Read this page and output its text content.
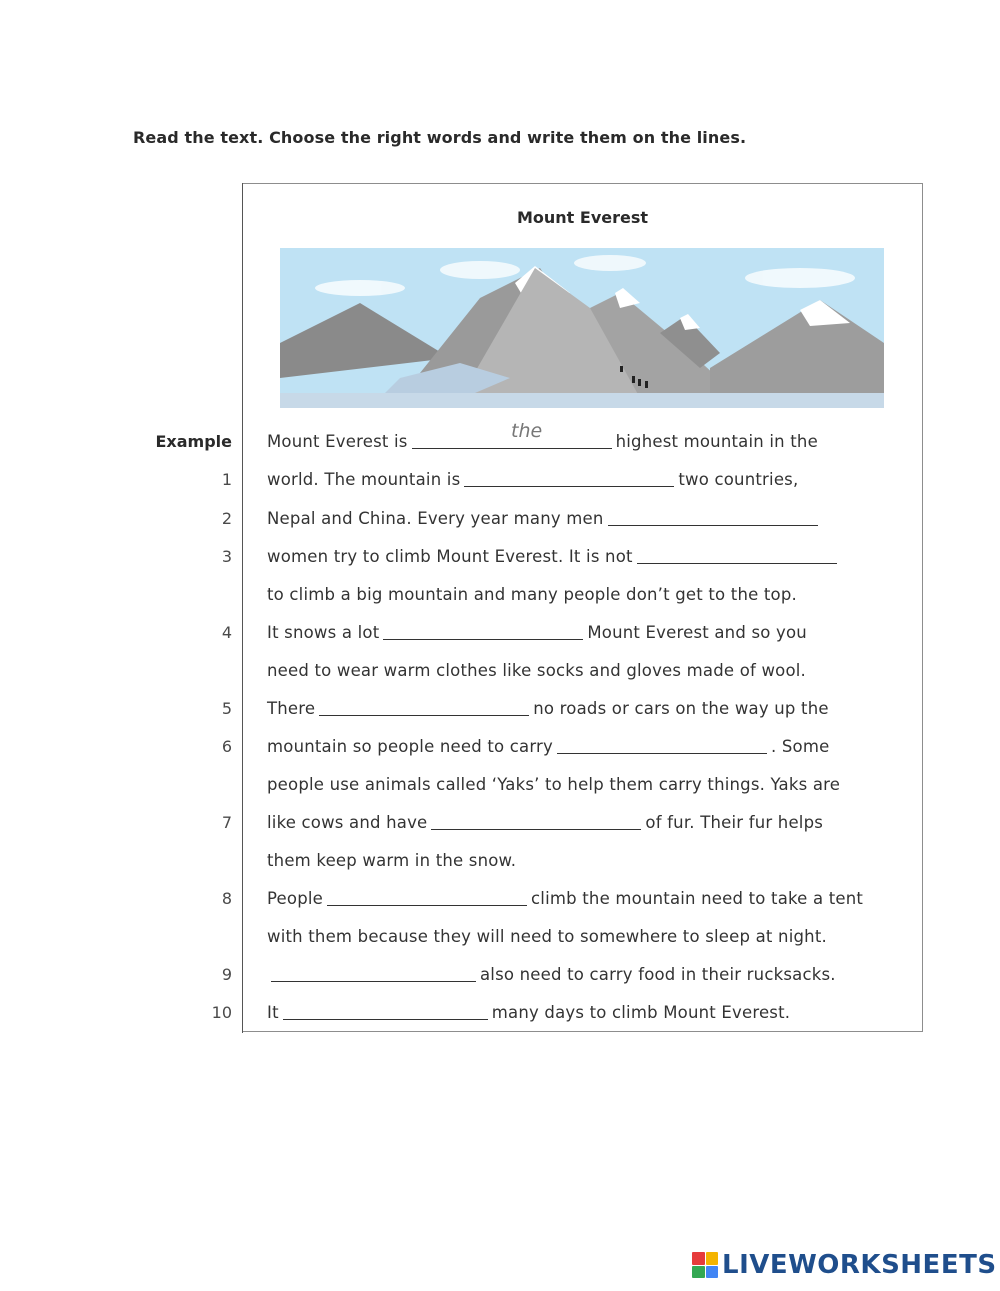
Read the text. Choose the right words and write them on the lines.
Mount Everest
the
Example Mount Everest is	highest mountain in the
1 world. The mountain is	two countries,
2 Nepal and China. Every year many men
3 women try to climb Mount Everest. It is not
to climb a big mountain and many people don’t get to the top.
4 It snows a lot	Mount Everest and so you
need to wear warm clothes like socks and gloves made of wool.
5 There	no roads or cars on the way up the
6 mountain so people need to carry	. Some
people use animals called ‘Yaks’ to help them carry things. Yaks are
7 like cows and have	of fur. Their fur helps
them keep warm in the snow.
8 People	climb the mountain need to take a tent
with them because they will need to somewhere to sleep at night.
9	also need to carry food in their rucksacks.
10 It	many days to climb Mount Everest.
LIVEWORKSHEETS
